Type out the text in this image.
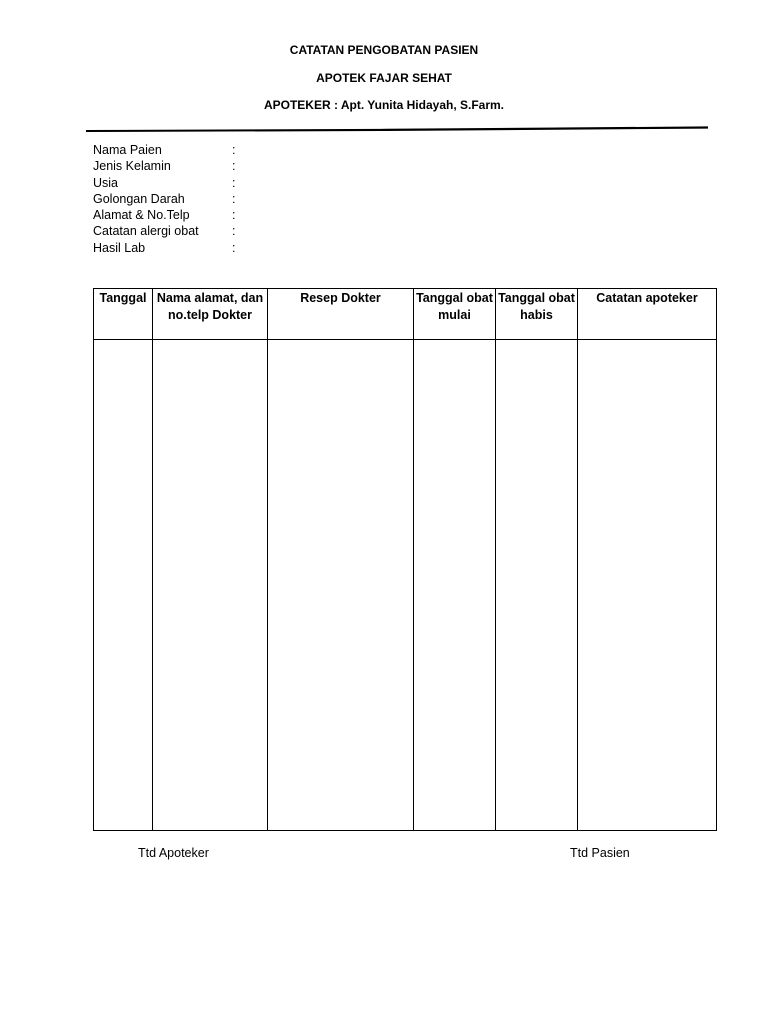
CATATAN PENGOBATAN PASIEN
APOTEK FAJAR SEHAT
APOTEKER : Apt. Yunita Hidayah, S.Farm.
Nama Paien	:
Jenis Kelamin	:
Usia	:
Golongan Darah	:
Alamat & No.Telp	:
Catatan alergi obat	:
Hasil Lab	:
Tanggal	Nama alamat, dan no.telp Dokter	Resep Dokter	Tanggal obat mulai	Tanggal obat habis	Catatan apoteker

Ttd Apoteker	Ttd Pasien
